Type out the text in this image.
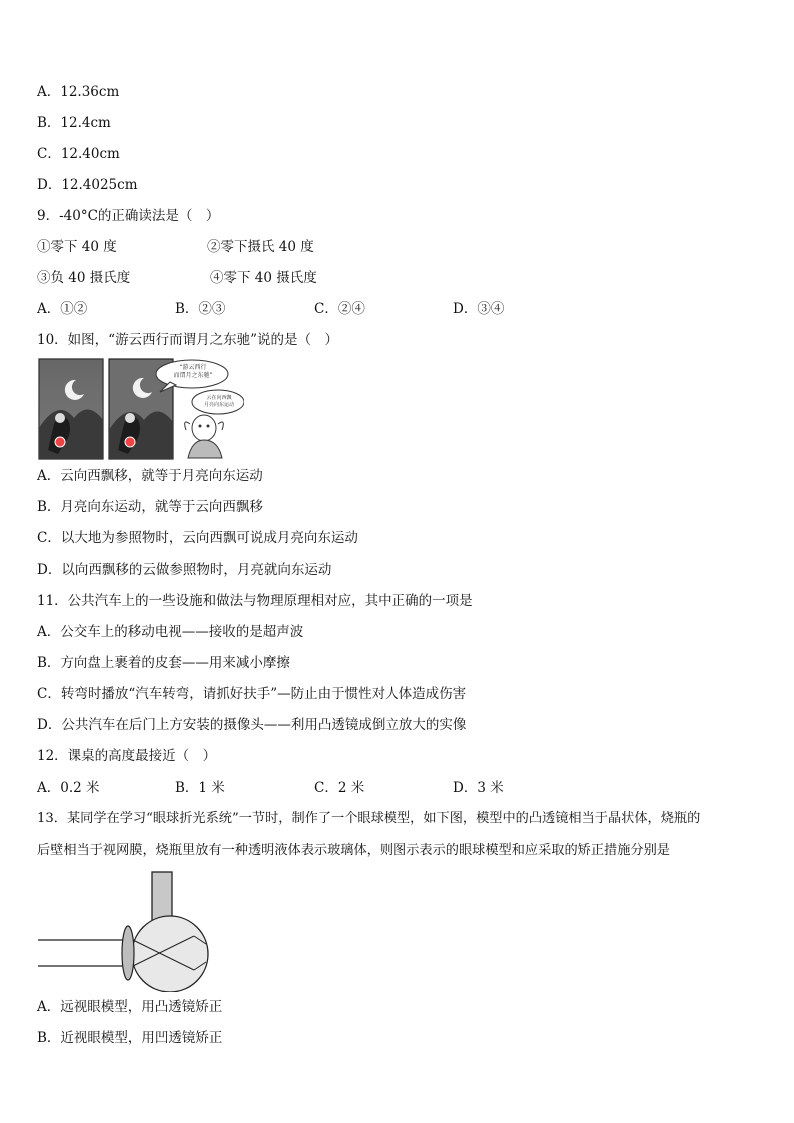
A．12.36cm
B．12.4cm
C．12.40cm
D．12.4025cm
9．-40°C的正确读法是（　）
①零下 40 度	②零下摄氏 40 度
③负 40 摄氏度	④零下 40 摄氏度
A．①②	B．②③	C．②④	D．③④
10．如图，“游云西行而谓月之东驰”说的是（　）
“游云西行
而谓月之东驰”
云在向西飘
月亮向东运动
A．云向西飘移，就等于月亮向东运动
B．月亮向东运动，就等于云向西飘移
C．以大地为参照物时，云向西飘可说成月亮向东运动
D．以向西飘移的云做参照物时，月亮就向东运动
11．公共汽车上的一些设施和做法与物理原理相对应，其中正确的一项是
A．公交车上的移动电视——接收的是超声波
B．方向盘上裹着的皮套——用来减小摩擦
C．转弯时播放“汽车转弯，请抓好扶手”—防止由于惯性对人体造成伤害
D．公共汽车在后门上方安装的摄像头——利用凸透镜成倒立放大的实像
12．课桌的高度最接近（　）
A．0.2 米	B．1 米	C．2 米	D．3 米
13．某同学在学习“眼球折光系统”一节时，制作了一个眼球模型，如下图，模型中的凸透镜相当于晶状体，烧瓶的
后壁相当于视网膜，烧瓶里放有一种透明液体表示玻璃体，则图示表示的眼球模型和应采取的矫正措施分别是
A．远视眼模型，用凸透镜矫正
B．近视眼模型，用凹透镜矫正
